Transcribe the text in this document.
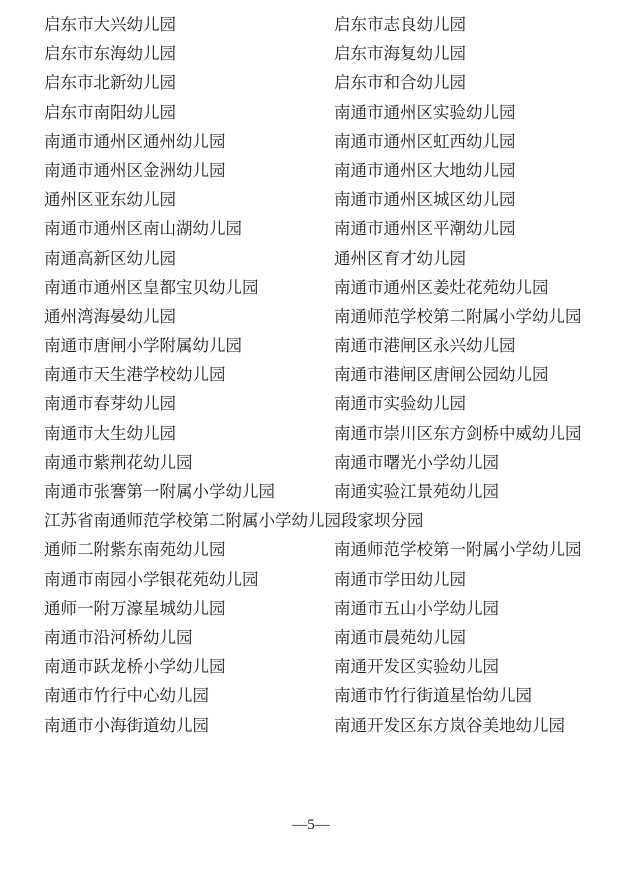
启东市大兴幼儿园	启东市志良幼儿园
启东市东海幼儿园	启东市海复幼儿园
启东市北新幼儿园	启东市和合幼儿园
启东市南阳幼儿园	南通市通州区实验幼儿园
南通市通州区通州幼儿园	南通市通州区虹西幼儿园
南通市通州区金洲幼儿园	南通市通州区大地幼儿园
通州区亚东幼儿园	南通市通州区城区幼儿园
南通市通州区南山湖幼儿园	南通市通州区平潮幼儿园
南通高新区幼儿园	通州区育才幼儿园
南通市通州区皇都宝贝幼儿园	南通市通州区姜灶花苑幼儿园
通州湾海晏幼儿园	南通师范学校第二附属小学幼儿园
南通市唐闸小学附属幼儿园	南通市港闸区永兴幼儿园
南通市天生港学校幼儿园	南通市港闸区唐闸公园幼儿园
南通市春芽幼儿园	南通市实验幼儿园
南通市大生幼儿园	南通市崇川区东方剑桥中威幼儿园
南通市紫荆花幼儿园	南通市曙光小学幼儿园
南通市张謇第一附属小学幼儿园	南通实验江景苑幼儿园
江苏省南通师范学校第二附属小学幼儿园段家坝分园
通师二附紫东南苑幼儿园	南通师范学校第一附属小学幼儿园
南通市南园小学银花苑幼儿园	南通市学田幼儿园
通师一附万濠星城幼儿园	南通市五山小学幼儿园
南通市沿河桥幼儿园	南通市晨苑幼儿园
南通市跃龙桥小学幼儿园	南通开发区实验幼儿园
南通市竹行中心幼儿园	南通市竹行街道星怡幼儿园
南通市小海街道幼儿园	南通开发区东方岚谷美地幼儿园
—5—
